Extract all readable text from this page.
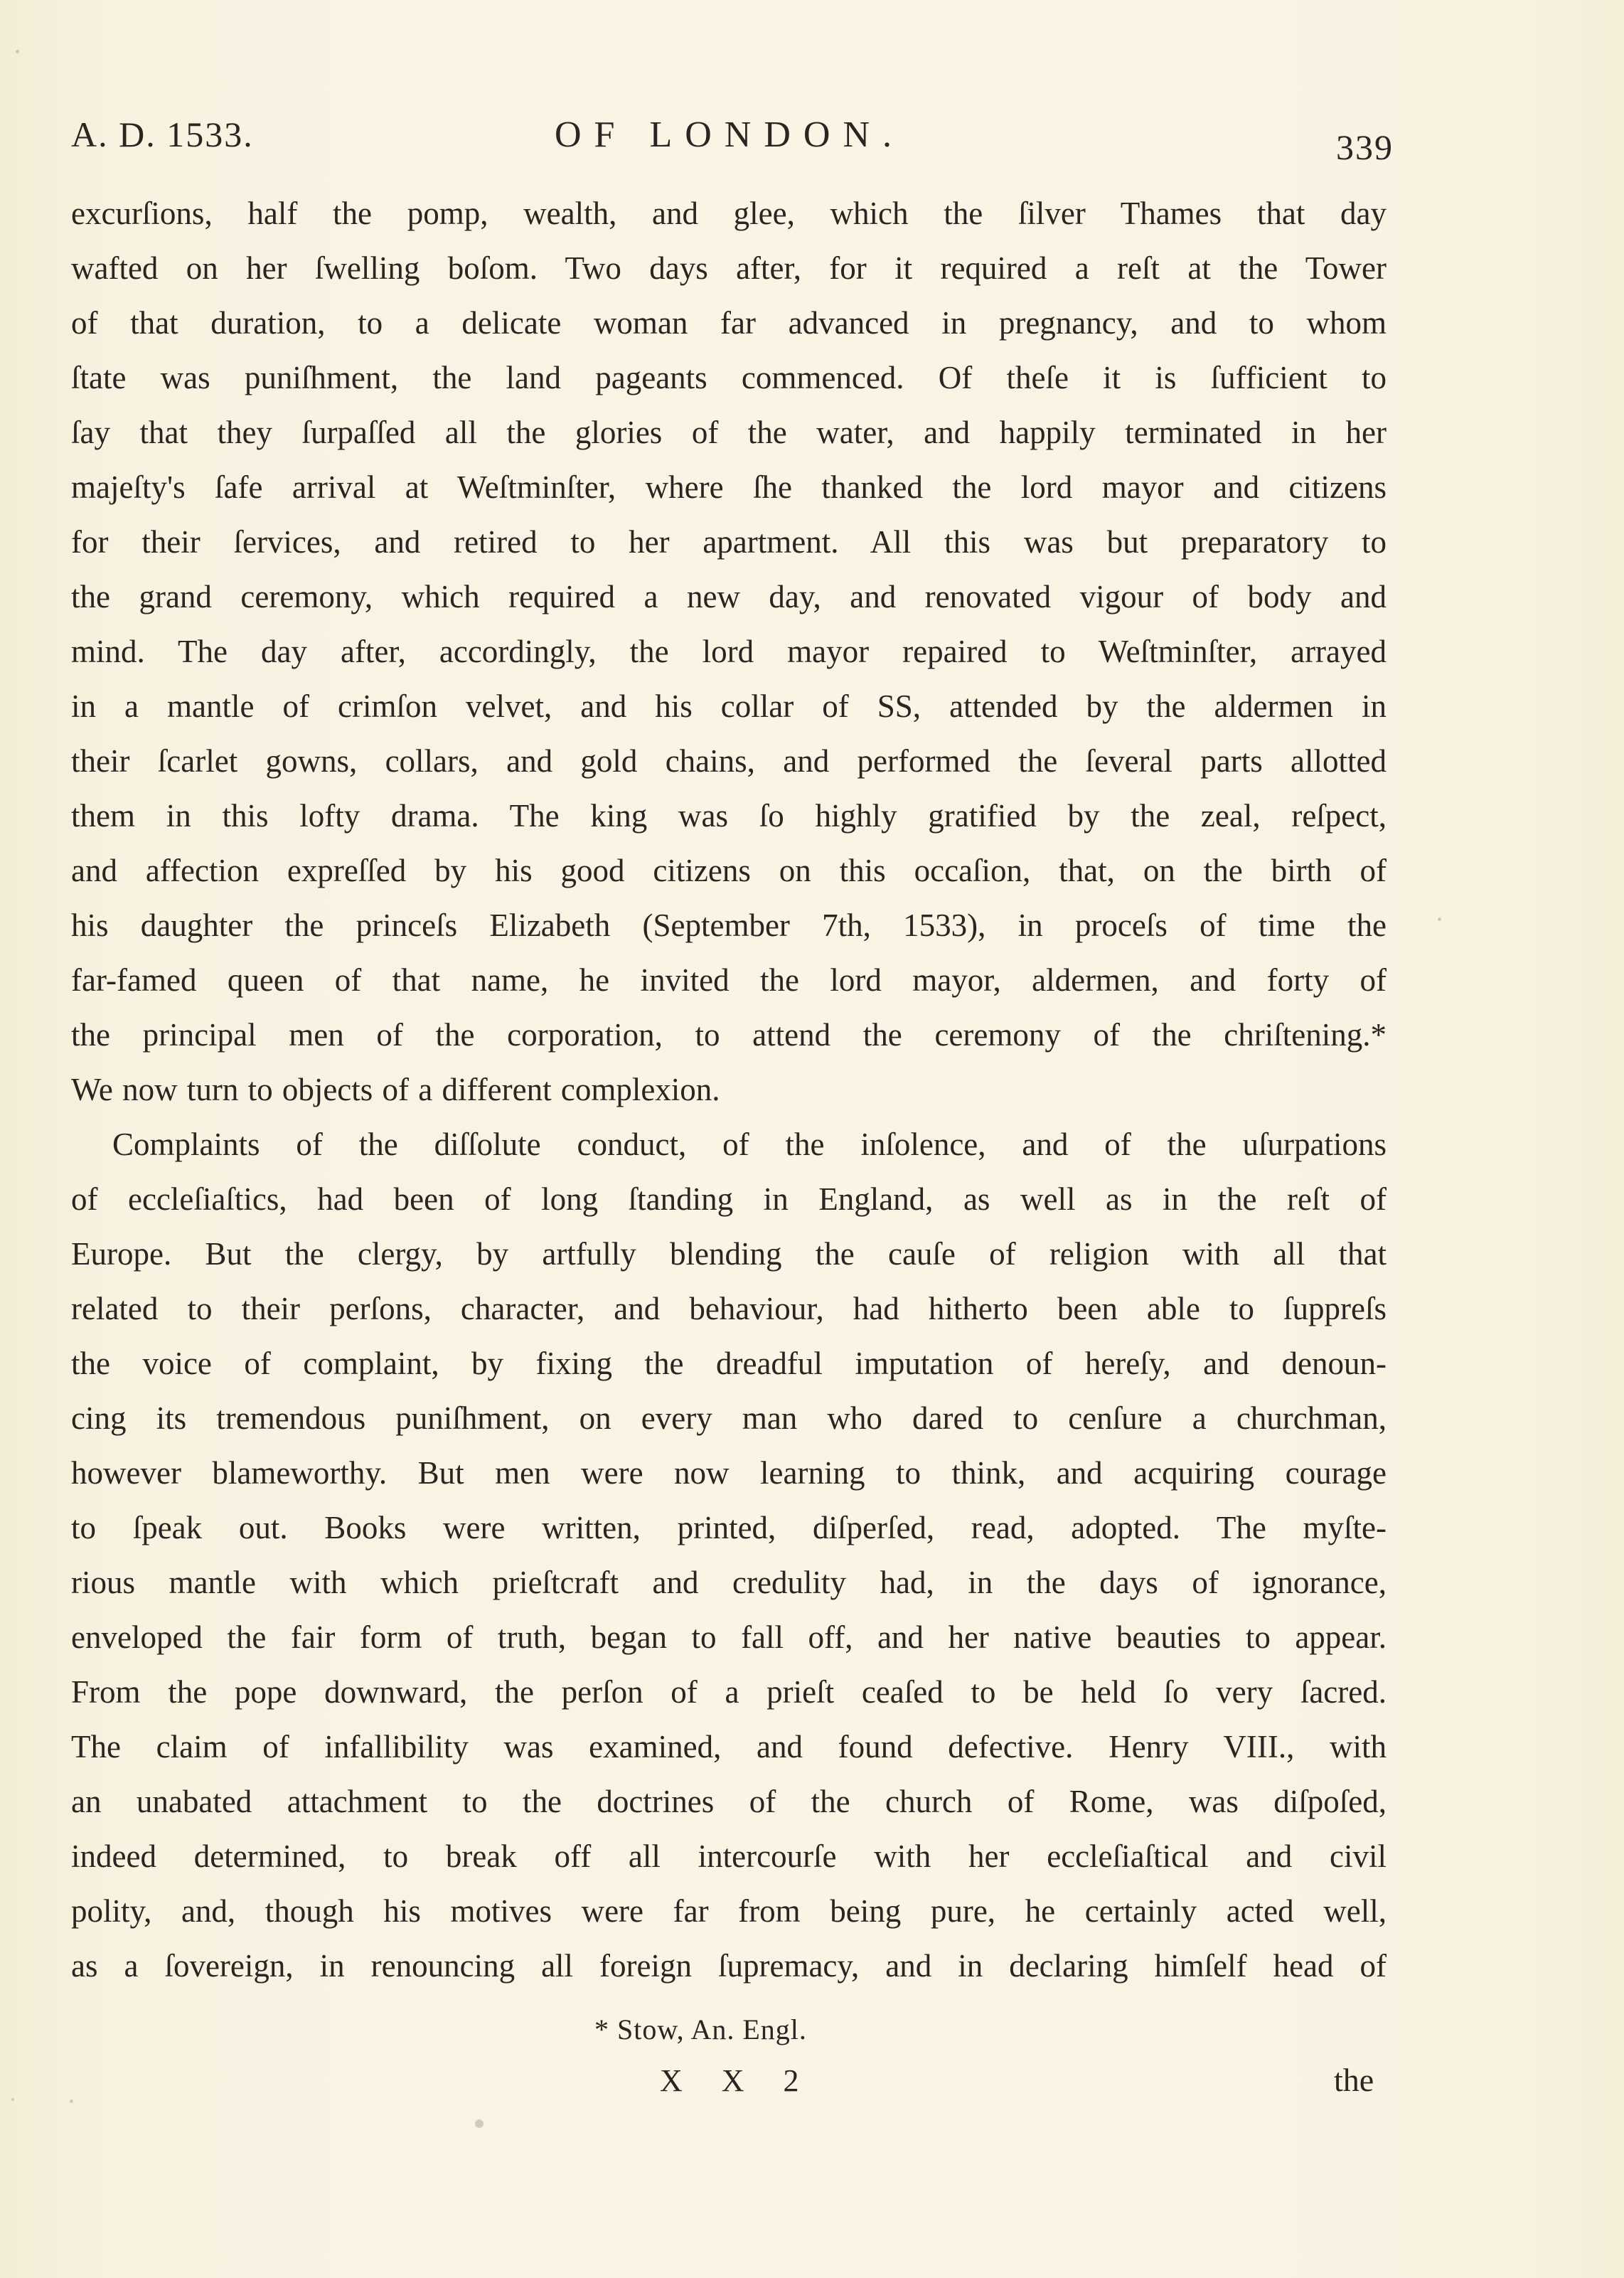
A. D. 1533.	OF LONDON.	339
excurſions, half the pomp, wealth, and glee, which the ſilver Thames that day
wafted on her ſwelling boſom. Two days after, for it required a reſt at the Tower
of that duration, to a delicate woman far advanced in pregnancy, and to whom
ſtate was puniſhment, the land pageants commenced. Of theſe it is ſufficient to
ſay that they ſurpaſſed all the glories of the water, and happily terminated in her
majeſty's ſafe arrival at Weſtminſter, where ſhe thanked the lord mayor and citizens
for their ſervices, and retired to her apartment. All this was but preparatory to
the grand ceremony, which required a new day, and renovated vigour of body and
mind. The day after, accordingly, the lord mayor repaired to Weſtminſter, arrayed
in a mantle of crimſon velvet, and his collar of SS, attended by the aldermen in
their ſcarlet gowns, collars, and gold chains, and performed the ſeveral parts allotted
them in this lofty drama. The king was ſo highly gratified by the zeal, reſpect,
and affection expreſſed by his good citizens on this occaſion, that, on the birth of
his daughter the princeſs Elizabeth (September 7th, 1533), in proceſs of time the
far-famed queen of that name, he invited the lord mayor, aldermen, and forty of
the principal men of the corporation, to attend the ceremony of the chriſtening.*
We now turn to objects of a different complexion.
Complaints of the diſſolute conduct, of the inſolence, and of the uſurpations
of eccleſiaſtics, had been of long ſtanding in England, as well as in the reſt of
Europe. But the clergy, by artfully blending the cauſe of religion with all that
related to their perſons, character, and behaviour, had hitherto been able to ſuppreſs
the voice of complaint, by fixing the dreadful imputation of hereſy, and denoun-
cing its tremendous puniſhment, on every man who dared to cenſure a churchman,
however blameworthy. But men were now learning to think, and acquiring courage
to ſpeak out. Books were written, printed, diſperſed, read, adopted. The myſte-
rious mantle with which prieſtcraft and credulity had, in the days of ignorance,
enveloped the fair form of truth, began to fall off, and her native beauties to appear.
From the pope downward, the perſon of a prieſt ceaſed to be held ſo very ſacred.
The claim of infallibility was examined, and found defective. Henry VIII., with
an unabated attachment to the doctrines of the church of Rome, was diſpoſed,
indeed determined, to break off all intercourſe with her eccleſiaſtical and civil
polity, and, though his motives were far from being pure, he certainly acted well,
as a ſovereign, in renouncing all foreign ſupremacy, and in declaring himſelf head of
* Stow, An. Engl.
X X 2	the
